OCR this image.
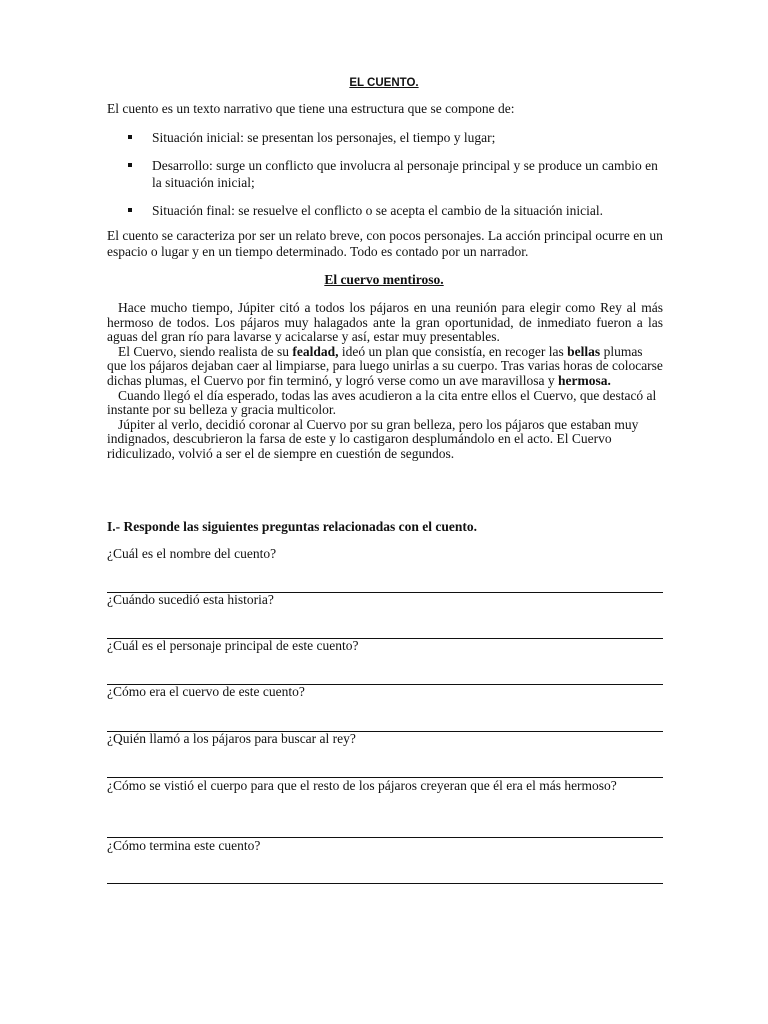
EL CUENTO.
El cuento es un texto narrativo que tiene una estructura que se compone de:
Situación inicial: se presentan los personajes, el tiempo y lugar;
Desarrollo: surge un conflicto que involucra al personaje principal y se produce un cambio en la situación inicial;
Situación final: se resuelve el conflicto o se acepta el cambio de la situación inicial.

El cuento se caracteriza por ser un relato breve, con pocos personajes. La acción principal ocurre en un espacio o lugar y en un tiempo determinado. Todo es contado por un narrador.

El cuervo mentiroso.

Hace mucho tiempo, Júpiter citó a todos los pájaros en una reunión para elegir como Rey al más hermoso de todos. Los pájaros muy halagados ante la gran oportunidad, de inmediato fueron a las aguas del gran río para lavarse y acicalarse y así, estar muy presentables.

El Cuervo, siendo realista de su fealdad, ideó un plan que consistía, en recoger las bellas plumas que los pájaros dejaban caer al limpiarse, para luego unirlas a su cuerpo. Tras varias horas de colocarse dichas plumas, el Cuervo por fin terminó, y logró verse como un ave maravillosa y hermosa.

Cuando llegó el día esperado, todas las aves acudieron a la cita entre ellos el Cuervo, que destacó al instante por su belleza y gracia multicolor.

Júpiter al verlo, decidió coronar al Cuervo por su gran belleza, pero los pájaros que estaban muy indignados, descubrieron la farsa de este y lo castigaron desplumándolo en el acto. El Cuervo ridiculizado, volvió a ser el de siempre en cuestión de segundos.

I.- Responde las siguientes preguntas relacionadas con el cuento.
¿Cuál es el nombre del cuento?
¿Cuándo sucedió esta historia?
¿Cuál es el personaje principal de este cuento?
¿Cómo era el cuervo de este cuento?
¿Quién llamó a los pájaros para buscar al rey?
¿Cómo se vistió el cuerpo para que el resto de los pájaros creyeran que él era el más hermoso?
¿Cómo termina este cuento?
